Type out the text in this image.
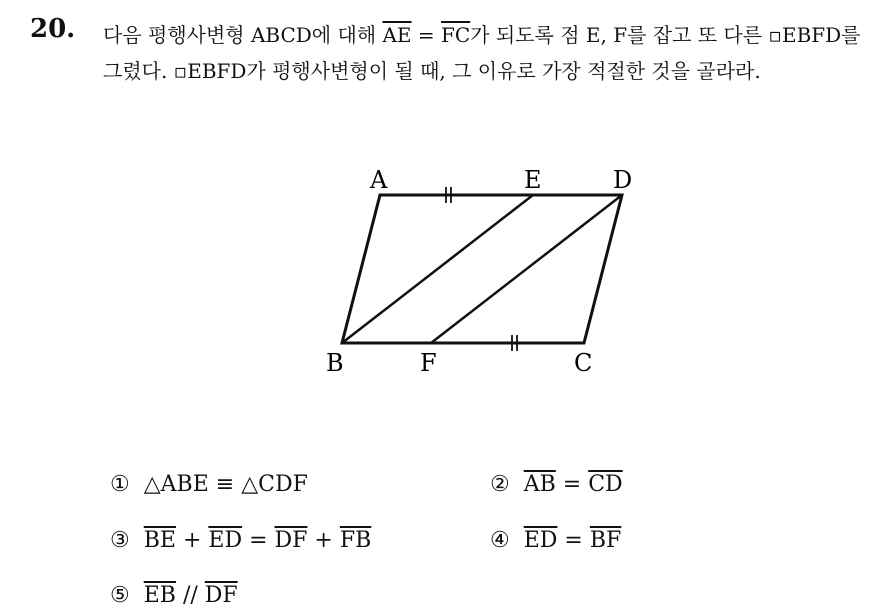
20. 다음 평행사변형 ABCD에 대해 $\overline{AE} = \overline{FC}$가 되도록 점 E, F를 잡고 또 다른 ▫EBFD를 그렸다. ▫EBFD가 평행사변형이 될 때, 그 이유로 가장 적절한 것을 골라라.
A	E	D
B	F	C
① △ABE ≡ △CDF	② $\overline{AB} = \overline{CD}$
③ $\overline{BE} + \overline{ED} = \overline{DF} + \overline{FB}$	④ $\overline{ED} = \overline{BF}$
⑤ $\overline{EB} // \overline{DF}$
